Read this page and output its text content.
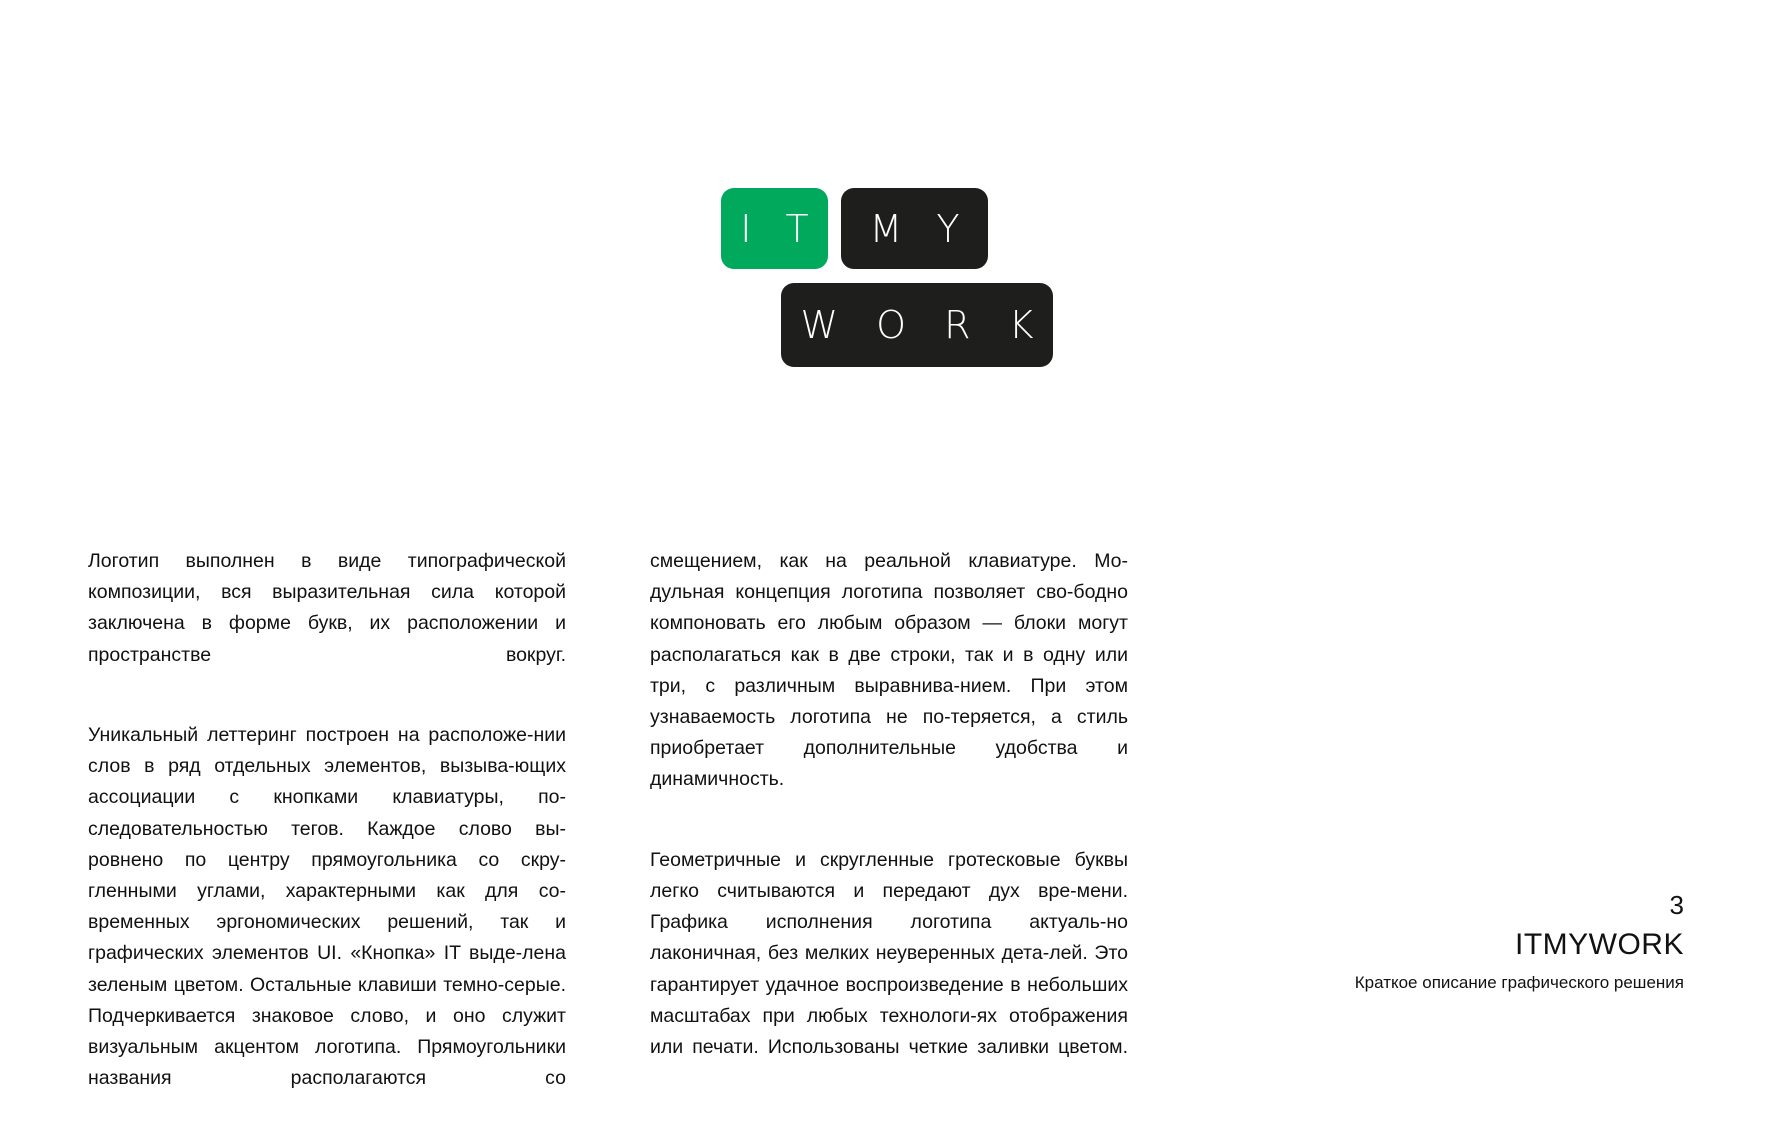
I T M Y
W O R K

Логотип выполнен в виде типографической композиции, вся выразительная сила которой заключена в форме букв, их расположении и пространстве вокруг.

Уникальный леттеринг построен на расположе-нии слов в ряд отдельных элементов, вызыва-ющих ассоциации с кнопками клавиатуры, по-следовательностью тегов. Каждое слово вы-ровнено по центру прямоугольника со скру-гленными углами, характерными как для со-временных эргономических решений, так и графических элементов UI. «Кнопка» IT выде-лена зеленым цветом. Остальные клавиши темно-серые. Подчеркивается знаковое слово, и оно служит визуальным акцентом логотипа. Прямоугольники названия располагаются со

смещением, как на реальной клавиатуре. Мо-дульная концепция логотипа позволяет сво-бодно компоновать его любым образом — блоки могут располагаться как в две строки, так и в одну или три, с различным выравнива-нием. При этом узнаваемость логотипа не по-теряется, а стиль приобретает дополнительные удобства и динамичность.

Геометричные и скругленные гротесковые буквы легко считываются и передают дух вре-мени. Графика исполнения логотипа актуаль-но лаконичная, без мелких неуверенных дета-лей. Это гарантирует удачное воспроизведение в небольших масштабах при любых технологи-ях отображения или печати. Использованы четкие заливки цветом.

3
ITMYWORK
Краткое описание графического решения
